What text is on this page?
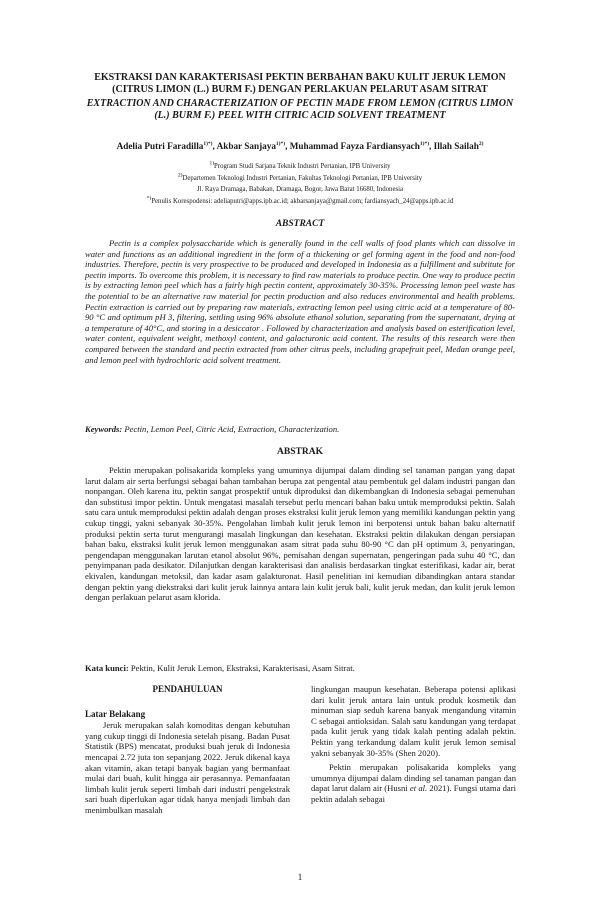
EKSTRAKSI DAN KARAKTERISASI PEKTIN BERBAHAN BAKU KULIT JERUK LEMON
(CITRUS LIMON (L.) BURM F.) DENGAN PERLAKUAN PELARUT ASAM SITRAT
EXTRACTION AND CHARACTERIZATION OF PECTIN MADE FROM LEMON (CITRUS LIMON
(L.) BURM F.) PEEL WITH CITRIC ACID SOLVENT TREATMENT
Adelia Putri Faradilla$^{1)*)}$, Akbar Sanjaya$^{1)*)}$, Muhammad Fayza Fardiansyach$^{1)*)}$, Illah Sailah$^{2)}$
$^{1)}$Program Studi Sarjana Teknik Industri Pertanian, IPB University
$^{2)}$Departemen Teknologi Industri Pertanian, Fakultas Teknologi Pertanian, IPB University
Jl. Raya Dramaga, Babakan, Dramaga, Bogor, Jawa Barat 16680, Indonesia
*)Penulis Korespodensi: adeliaputri@apps.ipb.ac.id; akbarsanjaya@gmail.com; fardiansyach_24@apps.ipb.ac.id
ABSTRACT
Pectin is a complex polysaccharide which is generally found in the cell walls of food plants which can dissolve in water and functions as an additional ingredient in the form of a thickening or gel forming agent in the food and non-food industries. Therefore, pectin is very prospective to be produced and developed in Indonesia as a fulfillment and subtitute for pectin imports. To overcome this problem, it is necessary to find raw materials to produce pectin. One way to produce pectin is by extracting lemon peel which has a fairly high pectin content, approximately 30-35%. Processing lemon peel waste has the potential to be an alternative raw material for pectin production and also reduces environmental and health problems. Pectin extraction is carried out by preparing raw materials, extracting lemon peel using citric acid at a temperature of 80-90 °C and optimum pH 3, filtering, settling using 96% absolute ethanol solution, separating from the supernatant, drying at a temperature of 40°C, and storing in a desiccator . Followed by characterization and analysis based on esterification level, water content, equivalent weight, methoxyl content, and galacturonic acid content. The results of this research were then compared between the standard and pectin extracted from other citrus peels, including grapefruit peel, Medan orange peel, and lemon peel with hydrochloric acid solvent treatment.
Keywords: Pectin, Lemon Peel, Citric Acid, Extraction, Characterization.
ABSTRAK
Pektin merupakan polisakarida kompleks yang umumnya dijumpai dalam dinding sel tanaman pangan yang dapat larut dalam air serta berfungsi sebagai bahan tambahan berupa zat pengental atau pembentuk gel dalam industri pangan dan nonpangan. Oleh karena itu, pektin sangat prospektif untuk diproduksi dan dikembangkan di Indonesia sebagai pemenuhan dan substitusi impor pektin. Untuk mengatasi masalah tersebut perlu mencari bahan baku untuk memproduksi pektin. Salah satu cara untuk memproduksi pektin adalah dengan proses ekstraksi kulit jeruk lemon yang memiliki kandungan pektin yang cukup tinggi, yakni sebanyak 30-35%. Pengolahan limbah kulit jeruk lemon ini berpotensi untuk bahan baku alternatif produksi pektin serta turut mengurangi masalah lingkungan dan kesehatan. Ekstraksi pektin dilakukan dengan persiapan bahan baku, ekstraksi kulit jeruk lemon menggunakan asam sitrat pada suhu 80-90 °C dan pH optimum 3, penyaringan, pengendapan menggunakan larutan etanol absolut 96%, pemisahan dengan supernatan, pengeringan pada suhu 40 °C, dan penyimpanan pada desikator. Dilanjutkan dengan karakterisasi dan analisis berdasarkan tingkat esterifikasi, kadar air, berat ekivalen, kandungan metoksil, dan kadar asam galakturonat. Hasil penelitian ini kemudian dibandingkan antara standar dengan pektin yang diekstraksi dari kulit jeruk lainnya antara lain kulit jeruk bali, kulit jeruk medan, dan kulit jeruk lemon dengan perlakuan pelarut asam klorida.
Kata kunci: Pektin, Kulit Jeruk Lemon, Ekstraksi, Karakterisasi, Asam Sitrat.
PENDAHULUAN
Latar Belakang
Jeruk merupakan salah komoditas dengan kebutuhan yang cukup tinggi di Indonesia setelah pisang. Badan Pusat Statistik (BPS) mencatat, produksi buah jeruk di Indonesia mencapai 2.72 juta ton sepanjang 2022. Jeruk dikenal kaya akan vitamin, akan tetapi banyak bagian yang bermanfaat mulai dari buah, kulit hingga air perasannya. Pemanfaatan limbah kulit jeruk seperti limbah dari industri pengekstrak sari buah diperlukan agar tidak hanya menjadi limbah dan menimbulkan masalah
lingkungan maupun kesehatan. Beberapa potensi aplikasi dari kulit jeruk antara lain untuk produk kosmetik dan minuman siap seduh karena banyak mengandung vitamin C sebagai antioksidan. Salah satu kandungan yang terdapat pada kulit jeruk yang tidak kalah penting adalah pektin. Pektin yang terkandung dalam kulit jeruk lemon semisal yakni sebanyak 30-35% (Shen 2020).
Pektin merupakan polisakarida kompleks yang umumnya dijumpai dalam dinding sel tanaman pangan dan dapat larut dalam air (Husni et al. 2021). Fungsi utama dari pektin adalah sebagai
1
